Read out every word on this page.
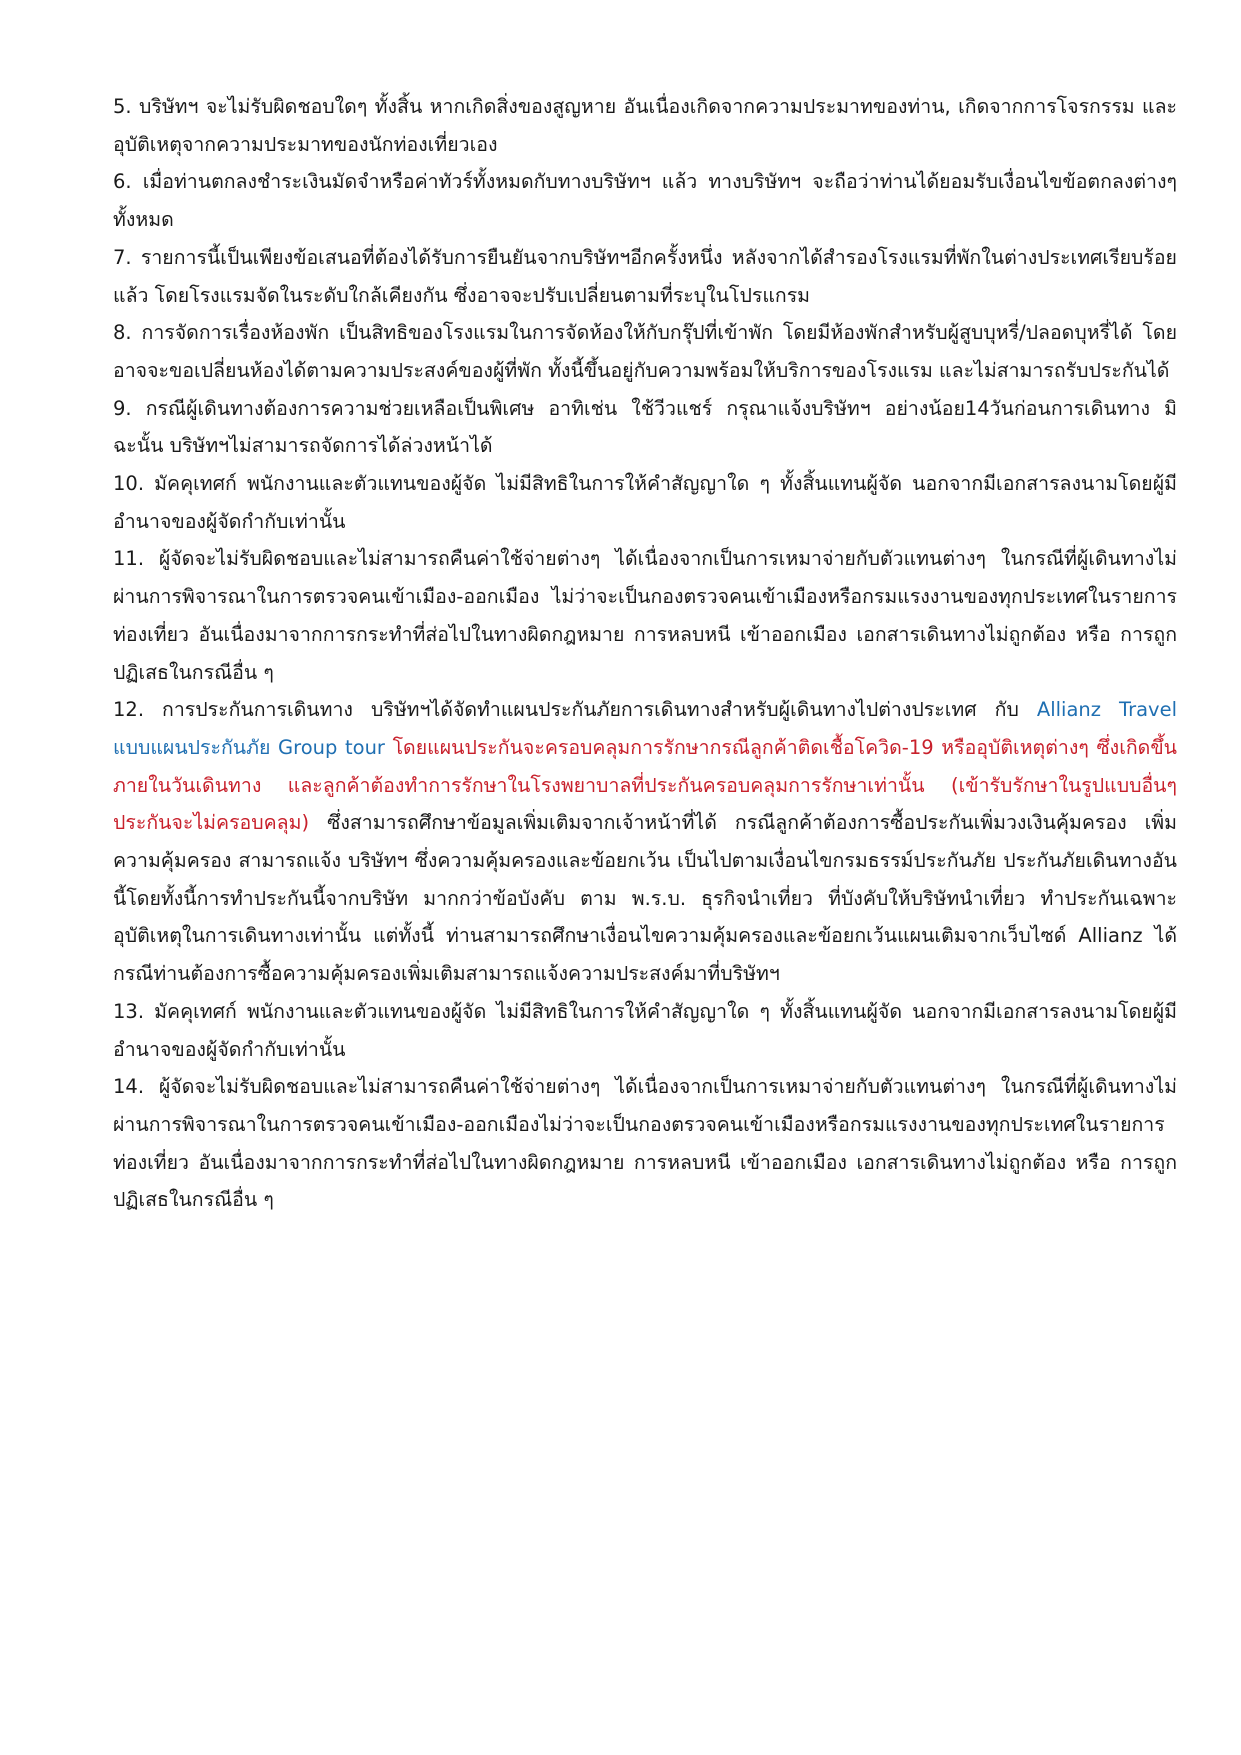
5. บริษัทฯ จะไม่รับผิดชอบใดๆ ทั้งสิ้น หากเกิดสิ่งของสูญหาย อันเนื่องเกิดจากความประมาทของท่าน, เกิดจากการโจรกรรม และ อุบัติเหตุจากความประมาทของนักท่องเที่ยวเอง

6. เมื่อท่านตกลงชำระเงินมัดจำหรือค่าทัวร์ทั้งหมดกับทางบริษัทฯ แล้ว ทางบริษัทฯ จะถือว่าท่านได้ยอมรับเงื่อนไขข้อตกลงต่างๆ ทั้งหมด

7. รายการนี้เป็นเพียงข้อเสนอที่ต้องได้รับการยืนยันจากบริษัทฯอีกครั้งหนึ่ง หลังจากได้สำรองโรงแรมที่พักในต่างประเทศเรียบร้อยแล้ว โดยโรงแรมจัดในระดับใกล้เคียงกัน ซึ่งอาจจะปรับเปลี่ยนตามที่ระบุในโปรแกรม

8. การจัดการเรื่องห้องพัก เป็นสิทธิของโรงแรมในการจัดห้องให้กับกรุ๊ปที่เข้าพัก โดยมีห้องพักสำหรับผู้สูบบุหรี่/ปลอดบุหรี่ได้ โดยอาจจะขอเปลี่ยนห้องได้ตามความประสงค์ของผู้ที่พัก ทั้งนี้ขึ้นอยู่กับความพร้อมให้บริการของโรงแรม และไม่สามารถรับประกันได้

9. กรณีผู้เดินทางต้องการความช่วยเหลือเป็นพิเศษ อาทิเช่น ใช้วีวแชร์ กรุณาแจ้งบริษัทฯ อย่างน้อย14วันก่อนการเดินทาง มิฉะนั้น บริษัทฯไม่สามารถจัดการได้ล่วงหน้าได้

10. มัคคุเทศก์ พนักงานและตัวแทนของผู้จัด ไม่มีสิทธิในการให้คำสัญญาใด ๆ ทั้งสิ้นแทนผู้จัด นอกจากมีเอกสารลงนามโดยผู้มีอำนาจของผู้จัดกำกับเท่านั้น

11. ผู้จัดจะไม่รับผิดชอบและไม่สามารถคืนค่าใช้จ่ายต่างๆ ได้เนื่องจากเป็นการเหมาจ่ายกับตัวแทนต่างๆ ในกรณีที่ผู้เดินทางไม่ผ่านการพิจารณาในการตรวจคนเข้าเมือง-ออกเมือง ไม่ว่าจะเป็นกองตรวจคนเข้าเมืองหรือกรมแรงงานของทุกประเทศในรายการท่องเที่ยว อันเนื่องมาจากการกระทำที่ส่อไปในทางผิดกฎหมาย การหลบหนี เข้าออกเมือง เอกสารเดินทางไม่ถูกต้อง หรือ การถูกปฏิเสธในกรณีอื่น ๆ

12. การประกันการเดินทาง บริษัทฯได้จัดทำแผนประกันภัยการเดินทางสำหรับผู้เดินทางไปต่างประเทศ กับ Allianz Travel แบบแผนประกันภัย Group tour โดยแผนประกันจะครอบคลุมการรักษากรณีลูกค้าติดเชื้อโควิด-19 หรืออุบัติเหตุต่างๆ ซึ่งเกิดขึ้นภายในวันเดินทาง และลูกค้าต้องทำการรักษาในโรงพยาบาลที่ประกันครอบคลุมการรักษาเท่านั้น (เข้ารับรักษาในรูปแบบอื่นๆ ประกันจะไม่ครอบคลุม) ซึ่งสามารถศึกษาข้อมูลเพิ่มเติมจากเจ้าหน้าที่ได้ กรณีลูกค้าต้องการซื้อประกันเพิ่มวงเงินคุ้มครอง เพิ่มความคุ้มครอง สามารถแจ้ง บริษัทฯ ซึ่งความคุ้มครองและข้อยกเว้น เป็นไปตามเงื่อนไขกรมธรรม์ประกันภัย ประกันภัยเดินทางอันนี้โดยทั้งนี้การทำประกันนี้จากบริษัท มากกว่าข้อบังคับ ตาม พ.ร.บ. ธุรกิจนำเที่ยว ที่บังคับให้บริษัทนำเที่ยว ทำประกันเฉพาะอุบัติเหตุในการเดินทางเท่านั้น แต่ทั้งนี้ ท่านสามารถศึกษาเงื่อนไขความคุ้มครองและข้อยกเว้นแผนเติมจากเว็บไซด์ Allianz ได้ กรณีท่านต้องการซื้อความคุ้มครองเพิ่มเติมสามารถแจ้งความประสงค์มาที่บริษัทฯ

13. มัคคุเทศก์ พนักงานและตัวแทนของผู้จัด ไม่มีสิทธิในการให้คำสัญญาใด ๆ ทั้งสิ้นแทนผู้จัด นอกจากมีเอกสารลงนามโดยผู้มีอำนาจของผู้จัดกำกับเท่านั้น

14. ผู้จัดจะไม่รับผิดชอบและไม่สามารถคืนค่าใช้จ่ายต่างๆ ได้เนื่องจากเป็นการเหมาจ่ายกับตัวแทนต่างๆ ในกรณีที่ผู้เดินทางไม่ผ่านการพิจารณาในการตรวจคนเข้าเมือง-ออกเมืองไม่ว่าจะเป็นกองตรวจคนเข้าเมืองหรือกรมแรงงานของทุกประเทศในรายการท่องเที่ยว อันเนื่องมาจากการกระทำที่ส่อไปในทางผิดกฎหมาย การหลบหนี เข้าออกเมือง เอกสารเดินทางไม่ถูกต้อง หรือ การถูกปฏิเสธในกรณีอื่น ๆ
